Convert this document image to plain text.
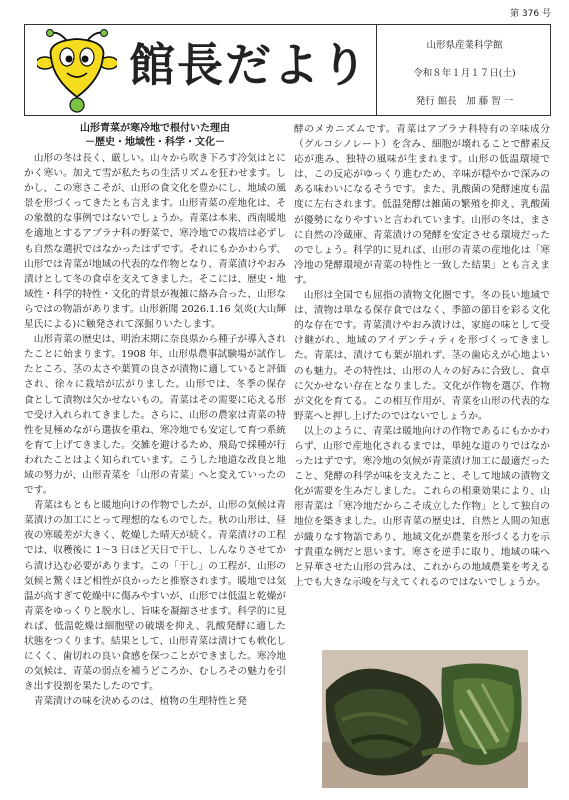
第 376 号
館長だより	山形県産業科学館
令和８年１月１７日(土)
発行 館長　加 藤 智 一
山形青菜が寒冷地で根付いた理由
－歴史・地域性・科学・文化－

山形の冬は長く、厳しい。山々から吹き下ろす冷気はとにかく寒い。加えて雪が私たちの生活リズムを狂わせます。しかし、この寒さこそが、山形の食文化を豊かにし、地域の風景を形づくってきたとも言えます。山形青菜の産地化は、その象徴的な事例ではないでしょうか。青菜は本来、西南暖地を適地とするアブラナ科の野菜で、寒冷地での栽培は必ずしも自然な選択ではなかったはずです。それにもかかわらず、山形では青菜が地域の代表的な作物となり、青菜漬けやおみ漬けとして冬の食卓を支えてきました。そこには、歴史・地域性・科学的特性・文化的背景が複雑に絡み合った、山形ならではの物語があります。山形新聞 2026.1.16 気炎(大山輝星氏による)に触発されて深掘りいたします。

山形青菜の歴史は、明治末期に奈良県から種子が導入されたことに始まります。1908 年、山形県農事試験場が試作したところ、茎の太さや葉質の良さが漬物に適していると評価され、徐々に栽培が広がりました。山形では、冬季の保存食として漬物は欠かせないもの。青菜はその需要に応える形で受け入れられてきました。さらに、山形の農家は青菜の特性を見極めながら選抜を重ね、寒冷地でも安定して育つ系統を育て上げてきました。交雑を避けるため、飛島で採種が行われたことはよく知られています。こうした地道な改良と地域の努力が、山形青菜を「山形の青菜」へと変えていったのです。

青菜はもともと暖地向けの作物でしたが、山形の気候は青菜漬けの加工にとって理想的なものでした。秋の山形は、昼夜の寒暖差が大きく、乾燥した晴天が続く。青菜漬けの工程では、収穫後に 1～3 日ほど天日で干し、しんなりさせてから漬け込む必要があります。この「干し」の工程が、山形の気候と驚くほど相性が良かったと推察されます。暖地では気温が高すぎて乾燥中に傷みやすいが、山形では低温と乾燥が青菜をゆっくりと脱水し、旨味を凝縮させます。科学的に見れば、低温乾燥は細胞壁の破壊を抑え、乳酸発酵に適した状態をつくります。結果として、山形青菜は漬けても軟化しにくく、歯切れの良い食感を保つことができました。寒冷地の気候は、青菜の弱点を補うどころか、むしろその魅力を引き出す役割を果たしたのです。

青菜漬けの味を決めるのは、植物の生理特性と発

酵のメカニズムです。青菜はアブラナ科特有の辛味成分（グルコシノレート）を含み、細胞が壊れることで酵素反応が進み、独特の風味が生まれます。山形の低温環境では、この反応がゆっくり進むため、辛味が穏やかで深みのある味わいになるそうです。また、乳酸菌の発酵速度も温度に左右されます。低温発酵は雑菌の繁殖を抑え、乳酸菌が優勢になりやすいと言われています。山形の冬は、まさに自然の冷蔵庫、青菜漬けの発酵を安定させる環境だったのでしょう。科学的に見れば、山形の青菜の産地化は「寒冷地の発酵環境が青菜の特性と一致した結果」とも言えます。

山形は全国でも屈指の漬物文化圏です。冬の長い地域では、漬物は単なる保存食ではなく、季節の節目を彩る文化的な存在です。青菜漬けやおみ漬けは、家庭の味として受け継がれ、地域のアイデンティティを形づくってきました。青菜は、漬けても葉が崩れず、茎の歯応えが心地よいのも魅力。その特性は、山形の人々の好みに合致し、食卓に欠かせない存在となりました。文化が作物を選び、作物が文化を育てる。この相互作用が、青菜を山形の代表的な野菜へと押し上げたのではないでしょうか。

以上のように、青菜は暖地向けの作物であるにもかかわらず、山形で産地化されるまでは、単純な道のりではなかったはずです。寒冷地の気候が青菜漬け加工に最適だったこと、発酵の科学が味を支えたこと、そして地域の漬物文化が需要を生みだしました。これらの相乗効果により、山形青菜は「寒冷地だからこそ成立した作物」として独自の地位を築きました。山形青菜の歴史は、自然と人間の知恵が織りなす物語であり、地域文化が農業を形づくる力を示す貴重な例だと思います。寒さを逆手に取り、地域の味へと昇華させた山形の営みは、これからの地域農業を考える上でも大きな示唆を与えてくれるのではないでしょうか。
